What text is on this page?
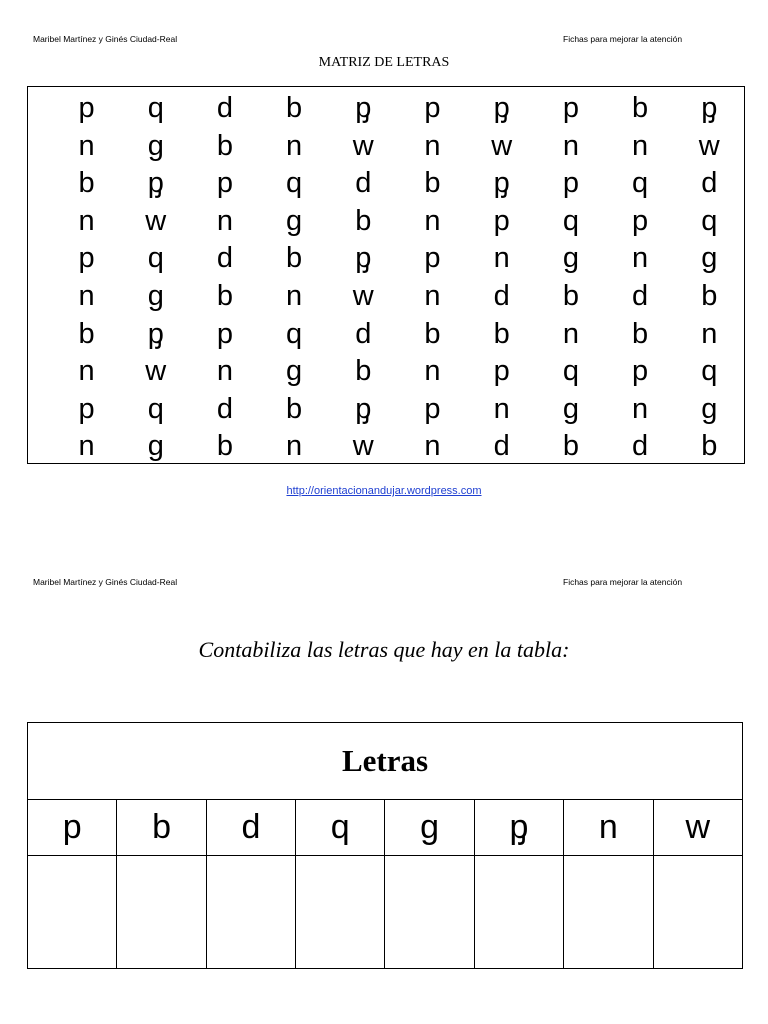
Maribel Martínez y Ginés Ciudad-Real	Fichas para mejorar la atención
MATRIZ DE LETRAS
p	q	d	b	ᶈ	p	ᶈ	p	b	ᶈ
n	g	b	n	w	n	w	n	n	w
b	ᶈ	p	q	d	b	ᶈ	p	q	d
n	w	n	g	b	n	p	q	p	q
p	q	d	b	ᶈ	p	n	g	n	g
n	g	b	n	w	n	d	b	d	b
b	ᶈ	p	q	d	b	b	n	b	n
n	w	n	g	b	n	p	q	p	q
p	q	d	b	ᶈ	p	n	g	n	g
n	g	b	n	w	n	d	b	d	b
http://orientacionandujar.wordpress.com
Maribel Martínez y Ginés Ciudad-Real	Fichas para mejorar la atención
Contabiliza las letras que hay en la tabla:
Letras							
p	b	d	q	g	ᶈ	n	w
